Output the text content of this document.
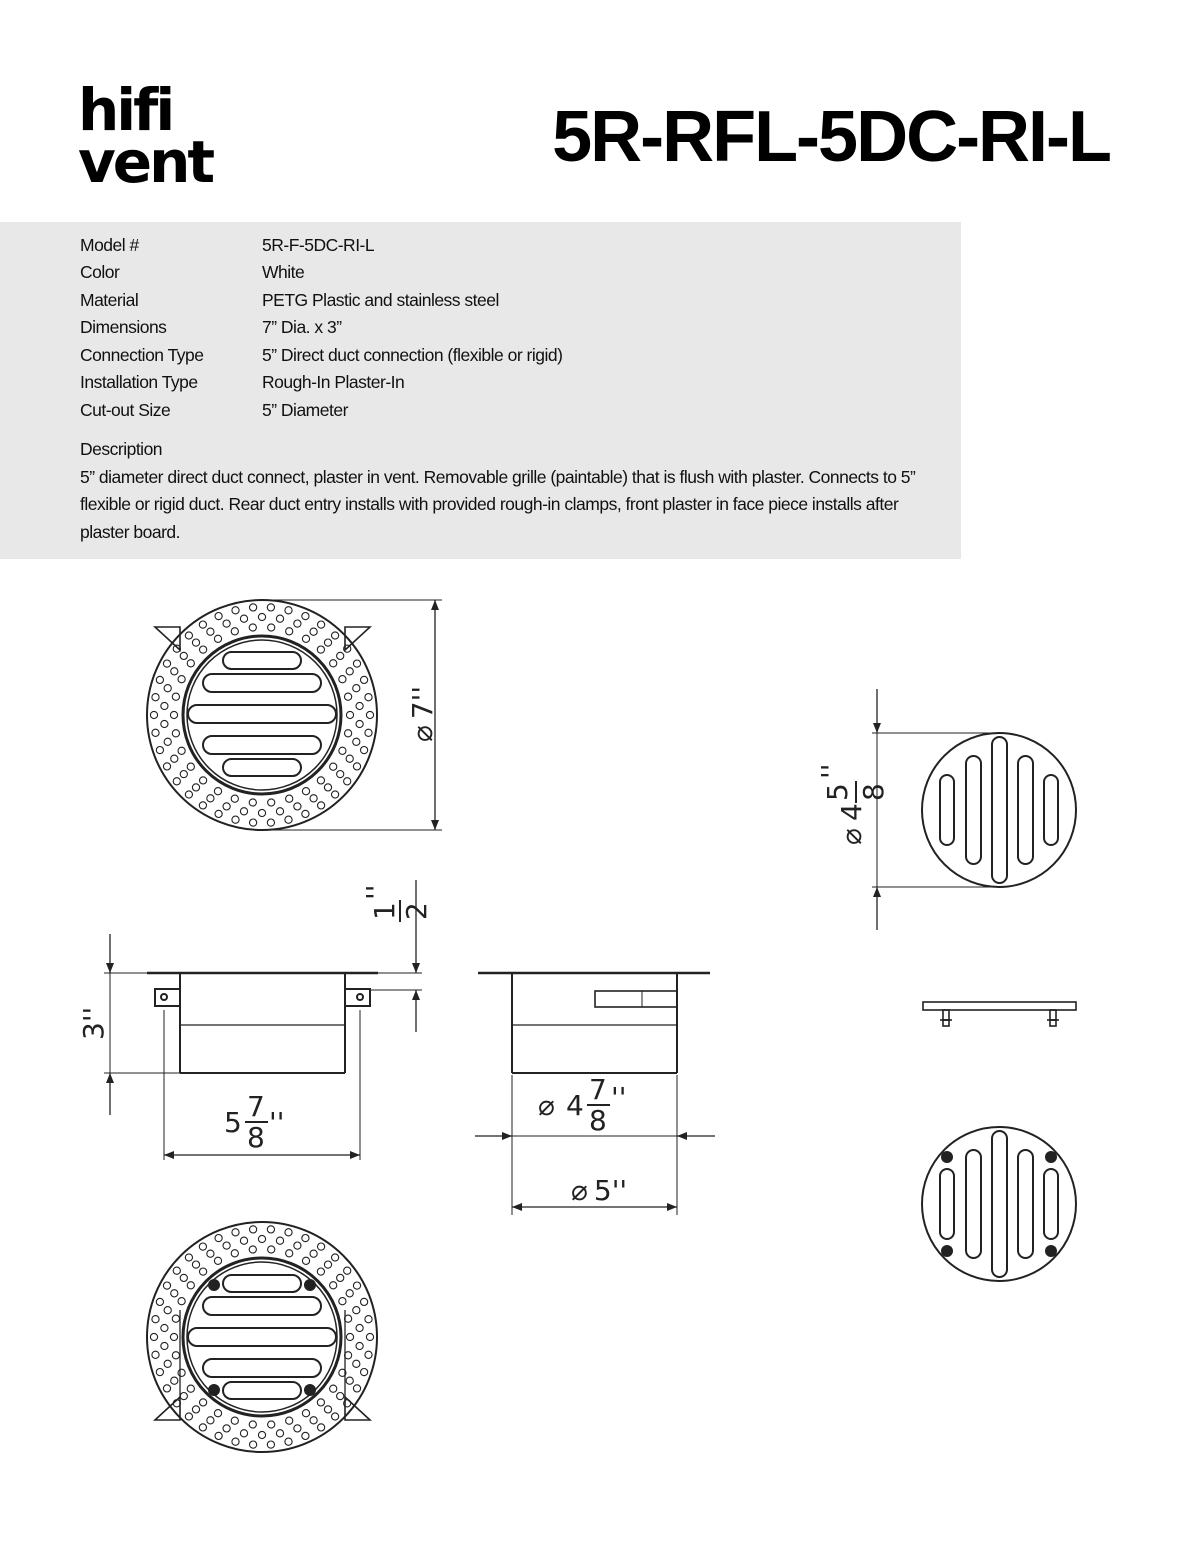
hifi
vent	5R-RFL-5DC-RI-L
Model #	5R-F-5DC-RI-L
Color	White
Material	PETG Plastic and stainless steel
Dimensions	7” Dia. x 3”
Connection Type	5” Direct duct connection (flexible or rigid)
Installation Type	Rough-In Plaster-In
Cut-out Size	5” Diameter
Description
5” diameter direct duct connect, plaster in vent. Removable grille (paintable) that is flush with plaster. Connects to 5” flexible or rigid duct. Rear duct entry installs with provided rough-in clamps, front plaster in face piece installs after plaster board.
⌀7''
⌀
4
5 8
''
3''
1 2
''
5 7
8 ''
⌀ 4 7
8
''
⌀ 5''
